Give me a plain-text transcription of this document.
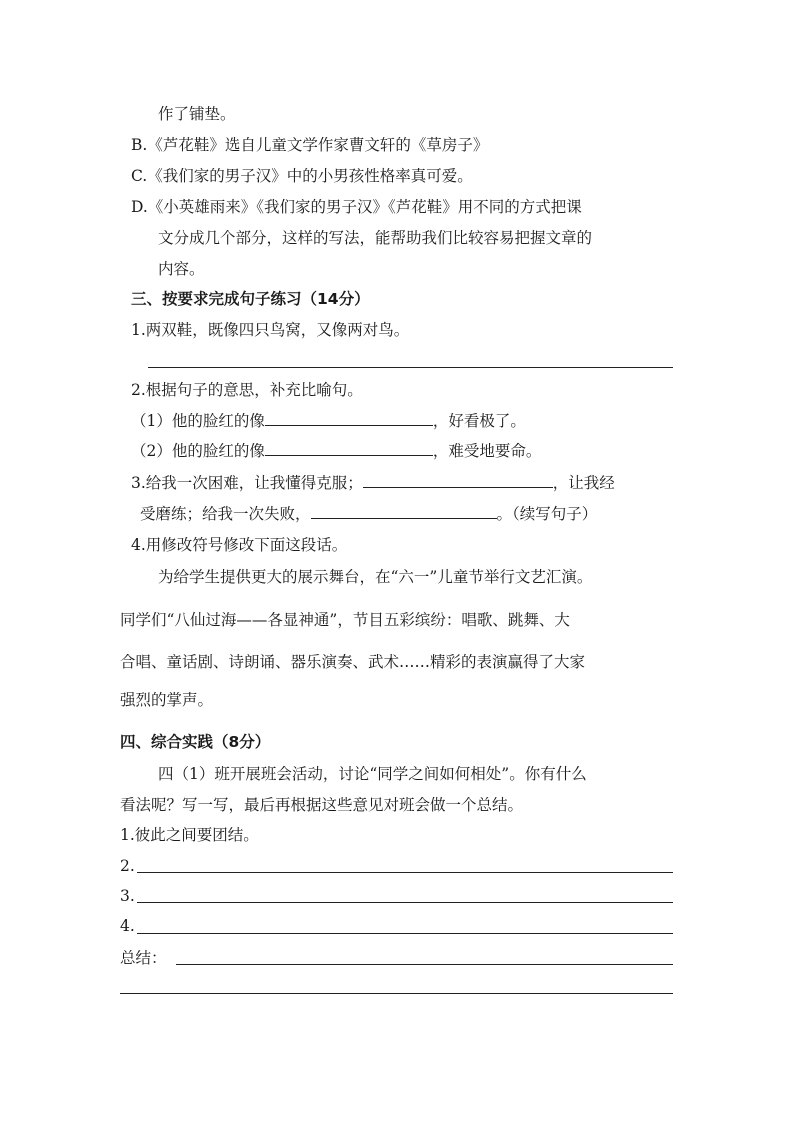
作了铺垫。
B.《芦花鞋》选自儿童文学作家曹文轩的《草房子》
C.《我们家的男子汉》中的小男孩性格率真可爱。
D.《小英雄雨来》《我们家的男子汉》《芦花鞋》用不同的方式把课
文分成几个部分，这样的写法，能帮助我们比较容易把握文章的
内容。
三、按要求完成句子练习（14分）
1.两双鞋，既像四只鸟窝，又像两对鸟。
2.根据句子的意思，补充比喻句。
（1）他的脸红的像	，好看极了。
（2）他的脸红的像	，难受地要命。
3.给我一次困难，让我懂得克服；	，让我经
受磨练；给我一次失败，	。（续写句子）
4.用修改符号修改下面这段话。
为给学生提供更大的展示舞台，在“六一”儿童节举行文艺汇演。
同学们“八仙过海——各显神通”，节目五彩缤纷：唱歌、跳舞、大
合唱、童话剧、诗朗诵、器乐演奏、武术……精彩的表演赢得了大家
强烈的掌声。
四、综合实践（8分）
四（1）班开展班会活动，讨论“同学之间如何相处”。你有什么
看法呢？写一写，最后再根据这些意见对班会做一个总结。
1.彼此之间要团结。
2.
3.
4.
总结：
